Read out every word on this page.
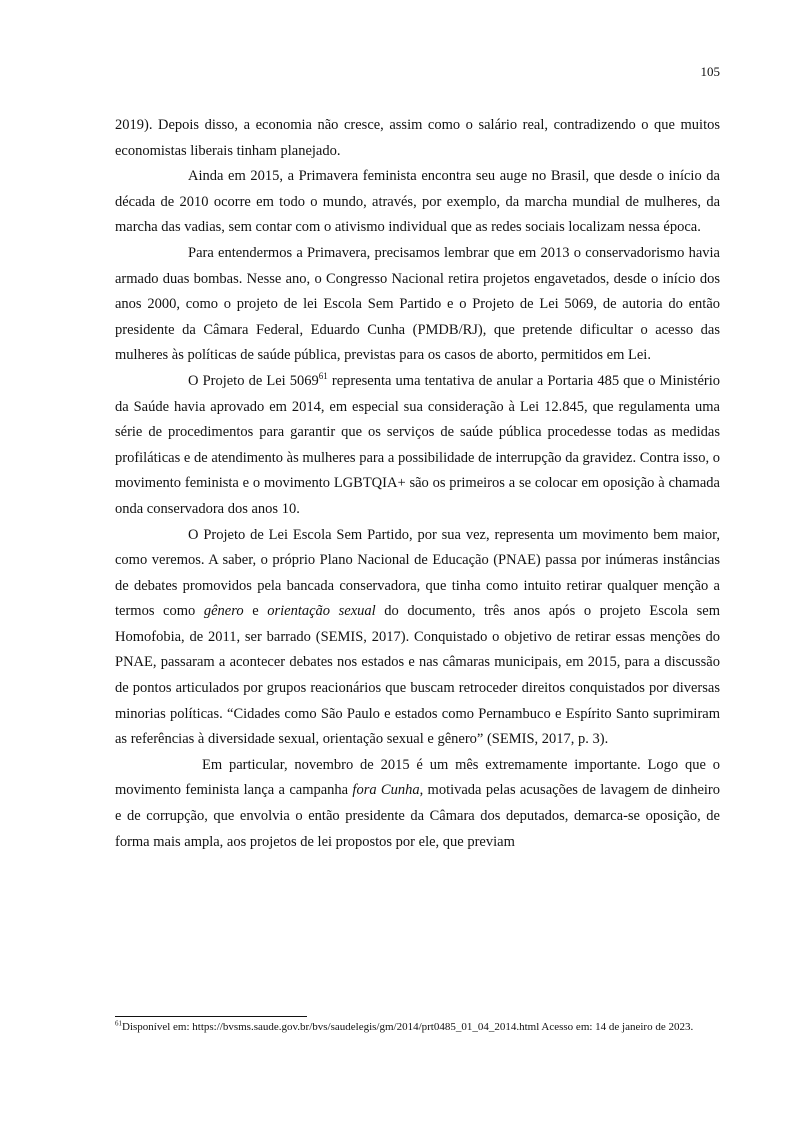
105

2019). Depois disso, a economia não cresce, assim como o salário real, contradizendo o que muitos economistas liberais tinham planejado.

Ainda em 2015, a Primavera feminista encontra seu auge no Brasil, que desde o início da década de 2010 ocorre em todo o mundo, através, por exemplo, da marcha mundial de mulheres, da marcha das vadias, sem contar com o ativismo individual que as redes sociais localizam nessa época.

Para entendermos a Primavera, precisamos lembrar que em 2013 o conservadorismo havia armado duas bombas. Nesse ano, o Congresso Nacional retira projetos engavetados, desde o início dos anos 2000, como o projeto de lei Escola Sem Partido e o Projeto de Lei 5069, de autoria do então presidente da Câmara Federal, Eduardo Cunha (PMDB/RJ), que pretende dificultar o acesso das mulheres às políticas de saúde pública, previstas para os casos de aborto, permitidos em Lei.

O Projeto de Lei 5069$^{61}$ representa uma tentativa de anular a Portaria 485 que o Ministério da Saúde havia aprovado em 2014, em especial sua consideração à Lei 12.845, que regulamenta uma série de procedimentos para garantir que os serviços de saúde pública procedesse todas as medidas profiláticas e de atendimento às mulheres para a possibilidade de interrupção da gravidez. Contra isso, o movimento feminista e o movimento LGBTQIA+ são os primeiros a se colocar em oposição à chamada onda conservadora dos anos 10.

O Projeto de Lei Escola Sem Partido, por sua vez, representa um movimento bem maior, como veremos. A saber, o próprio Plano Nacional de Educação (PNAE) passa por inúmeras instâncias de debates promovidos pela bancada conservadora, que tinha como intuito retirar qualquer menção a termos como gênero e orientação sexual do documento, três anos após o projeto Escola sem Homofobia, de 2011, ser barrado (SEMIS, 2017). Conquistado o objetivo de retirar essas menções do PNAE, passaram a acontecer debates nos estados e nas câmaras municipais, em 2015, para a discussão de pontos articulados por grupos reacionários que buscam retroceder direitos conquistados por diversas minorias políticas. “Cidades como São Paulo e estados como Pernambuco e Espírito Santo suprimiram as referências à diversidade sexual, orientação sexual e gênero” (SEMIS, 2017, p. 3).

Em particular, novembro de 2015 é um mês extremamente importante. Logo que o movimento feminista lança a campanha fora Cunha, motivada pelas acusações de lavagem de dinheiro e de corrupção, que envolvia o então presidente da Câmara dos deputados, demarca-se oposição, de forma mais ampla, aos projetos de lei propostos por ele, que previam

$^{61}$Disponível em: https://bvsms.saude.gov.br/bvs/saudelegis/gm/2014/prt0485_01_04_2014.html Acesso em: 14 de janeiro de 2023.
